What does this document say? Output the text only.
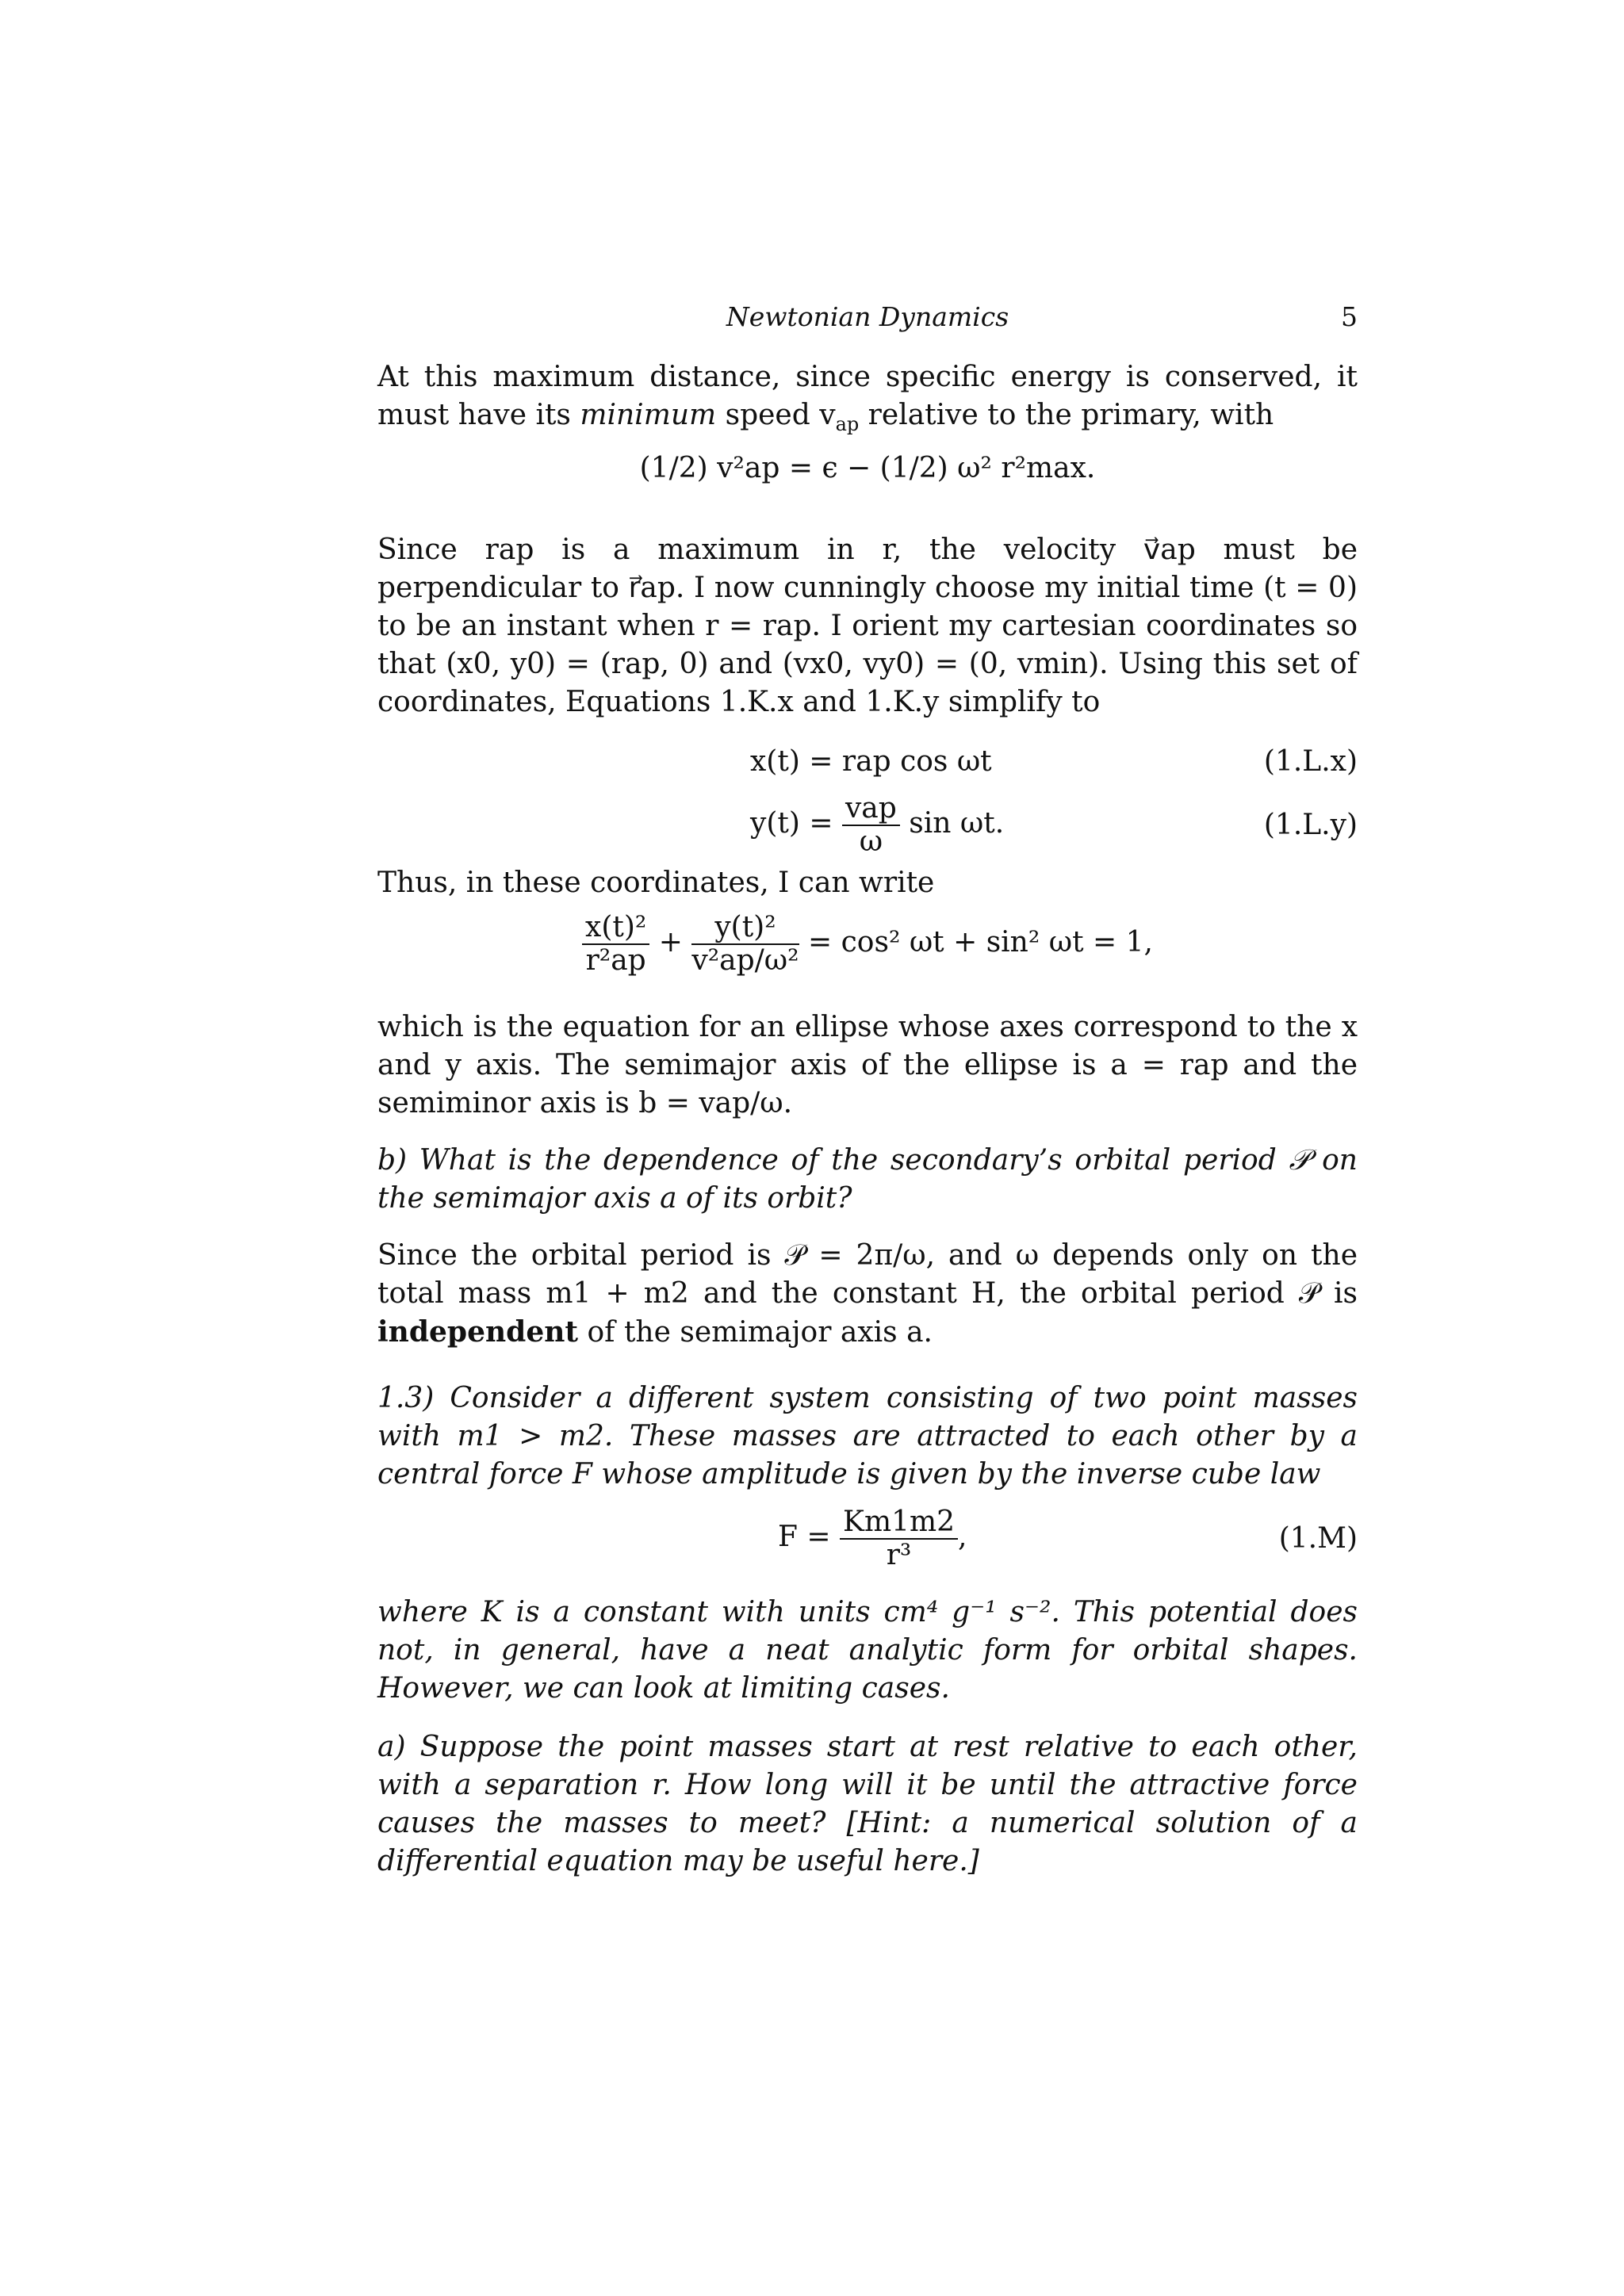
Newtonian Dynamics	5
At this maximum distance, since specific energy is conserved, it must have its minimum speed $v_{ap}$ relative to the primary, with
(1/2) v²ap = ϵ − (1/2) ω² r²max.
Since rap is a maximum in r, the velocity v⃗ap must be perpendicular to r⃗ap. I now cunningly choose my initial time (t = 0) to be an instant when r = rap. I orient my cartesian coordinates so that (x0, y0) = (rap, 0) and (vx0, vy0) = (0, vmin). Using this set of coordinates, Equations 1.K.x and 1.K.y simplify to
x(t) = rap cos ωt	(1.L.x)
$y(t) = \frac{\text{vap}}{\omega}$ sin ωt.	(1.L.y)
Thus, in these coordinates, I can write
$\frac{\text{x(t)²}}{\text{r²ap}} + \frac{\text{y(t)²}}{\text{v²ap/ω²}} = \cos^2$ ωt + sin² ωt = 1,
which is the equation for an ellipse whose axes correspond to the x and y axis. The semimajor axis of the ellipse is a = rap and the semiminor axis is b = vap/ω.
b) What is the dependence of the secondary’s orbital period 𝒫 on the semimajor axis a of its orbit?
Since the orbital period is 𝒫 = 2π/ω, and ω depends only on the total mass m1 + m2 and the constant H, the orbital period 𝒫 is independent of the semimajor axis a.
1.3) Consider a different system consisting of two point masses with m1 > m2. These masses are attracted to each other by a central force F whose amplitude is given by the inverse cube law
$F = \frac{Km1m2}{\text{r³}}$ ,	(1.M)
where K is a constant with units cm⁴ g⁻¹ s⁻². This potential does not, in general, have a neat analytic form for orbital shapes. However, we can look at limiting cases.
a) Suppose the point masses start at rest relative to each other, with a separation r. How long will it be until the attractive force causes the masses to meet? [Hint: a numerical solution of a differential equation may be useful here.]
